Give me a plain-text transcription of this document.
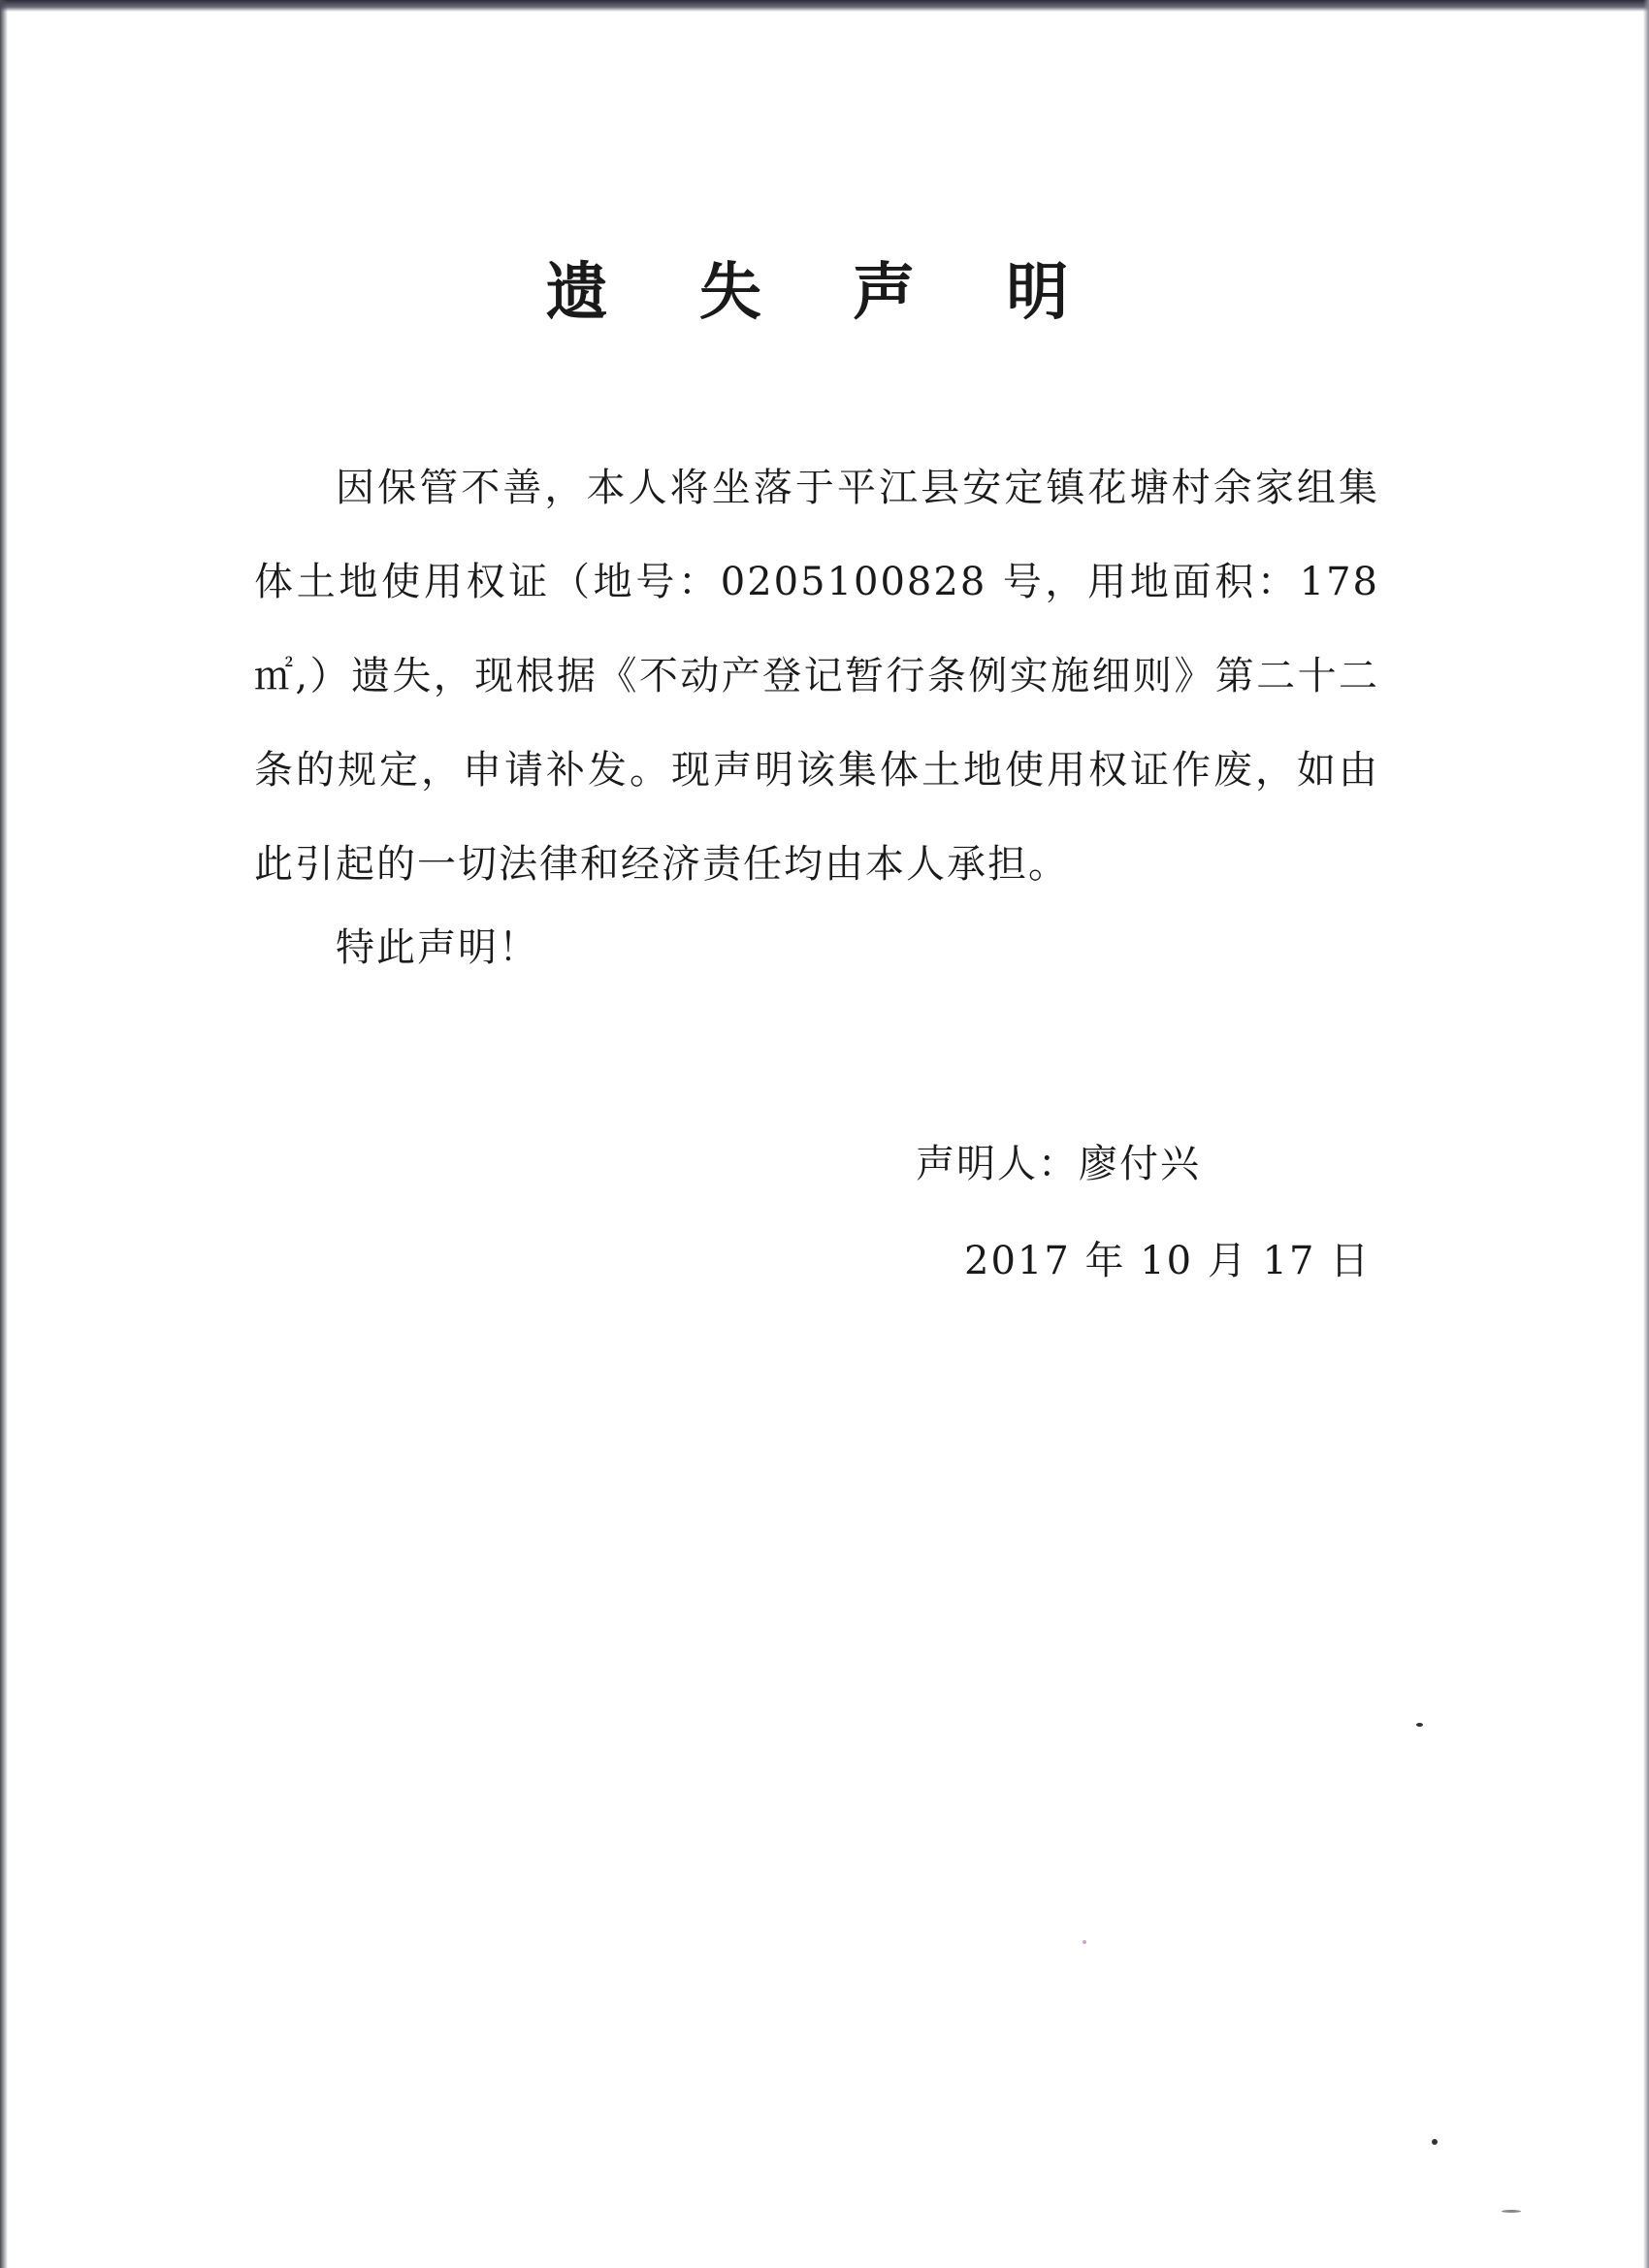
遗 失 声 明

因保管不善，本人将坐落于平江县安定镇花塘村余家组集体土地使用权证（地号：0205100828 号，用地面积：178 ㎡,）遗失，现根据《不动产登记暂行条例实施细则》第二十二条的规定，申请补发。现声明该集体土地使用权证作废，如由此引起的一切法律和经济责任均由本人承担。

特此声明！

声明人：廖付兴
2017 年 10 月 17 日
